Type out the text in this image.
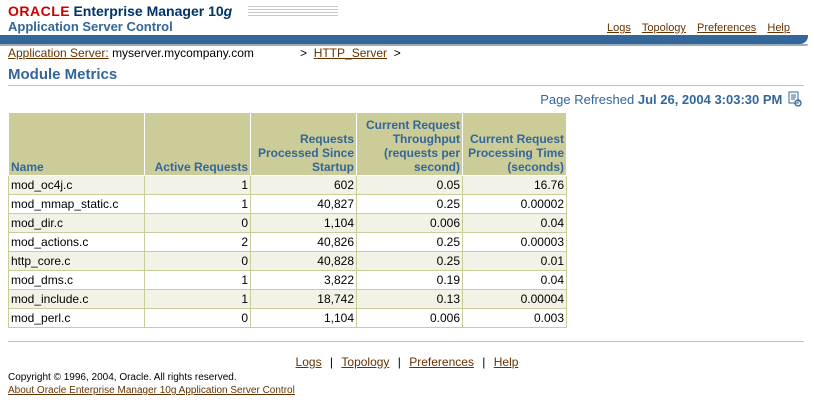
ORACLE Enterprise Manager 10g
Application Server Control	Logs Topology Preferences Help
Application Server: myserver.mycompany.com	> HTTP_Server >
Module Metrics
Page Refreshed Jul 26, 2004 3:03:30 PM
Name	Active Requests	Requests Processed Since Startup	Current Request Throughput (requests per second)	Current Request Processing Time (seconds)
mod_oc4j.c	1	602	0.05	16.76
mod_mmap_static.c	1	40,827	0.25	0.00002
mod_dir.c	0	1,104	0.006	0.04
mod_actions.c	2	40,826	0.25	0.00003
http_core.c	0	40,828	0.25	0.01
mod_dms.c	1	3,822	0.19	0.04
mod_include.c	1	18,742	0.13	0.00004
mod_perl.c	0	1,104	0.006	0.003
Logs | Topology | Preferences | Help
Copyright © 1996, 2004, Oracle. All rights reserved.
About Oracle Enterprise Manager 10g Application Server Control
